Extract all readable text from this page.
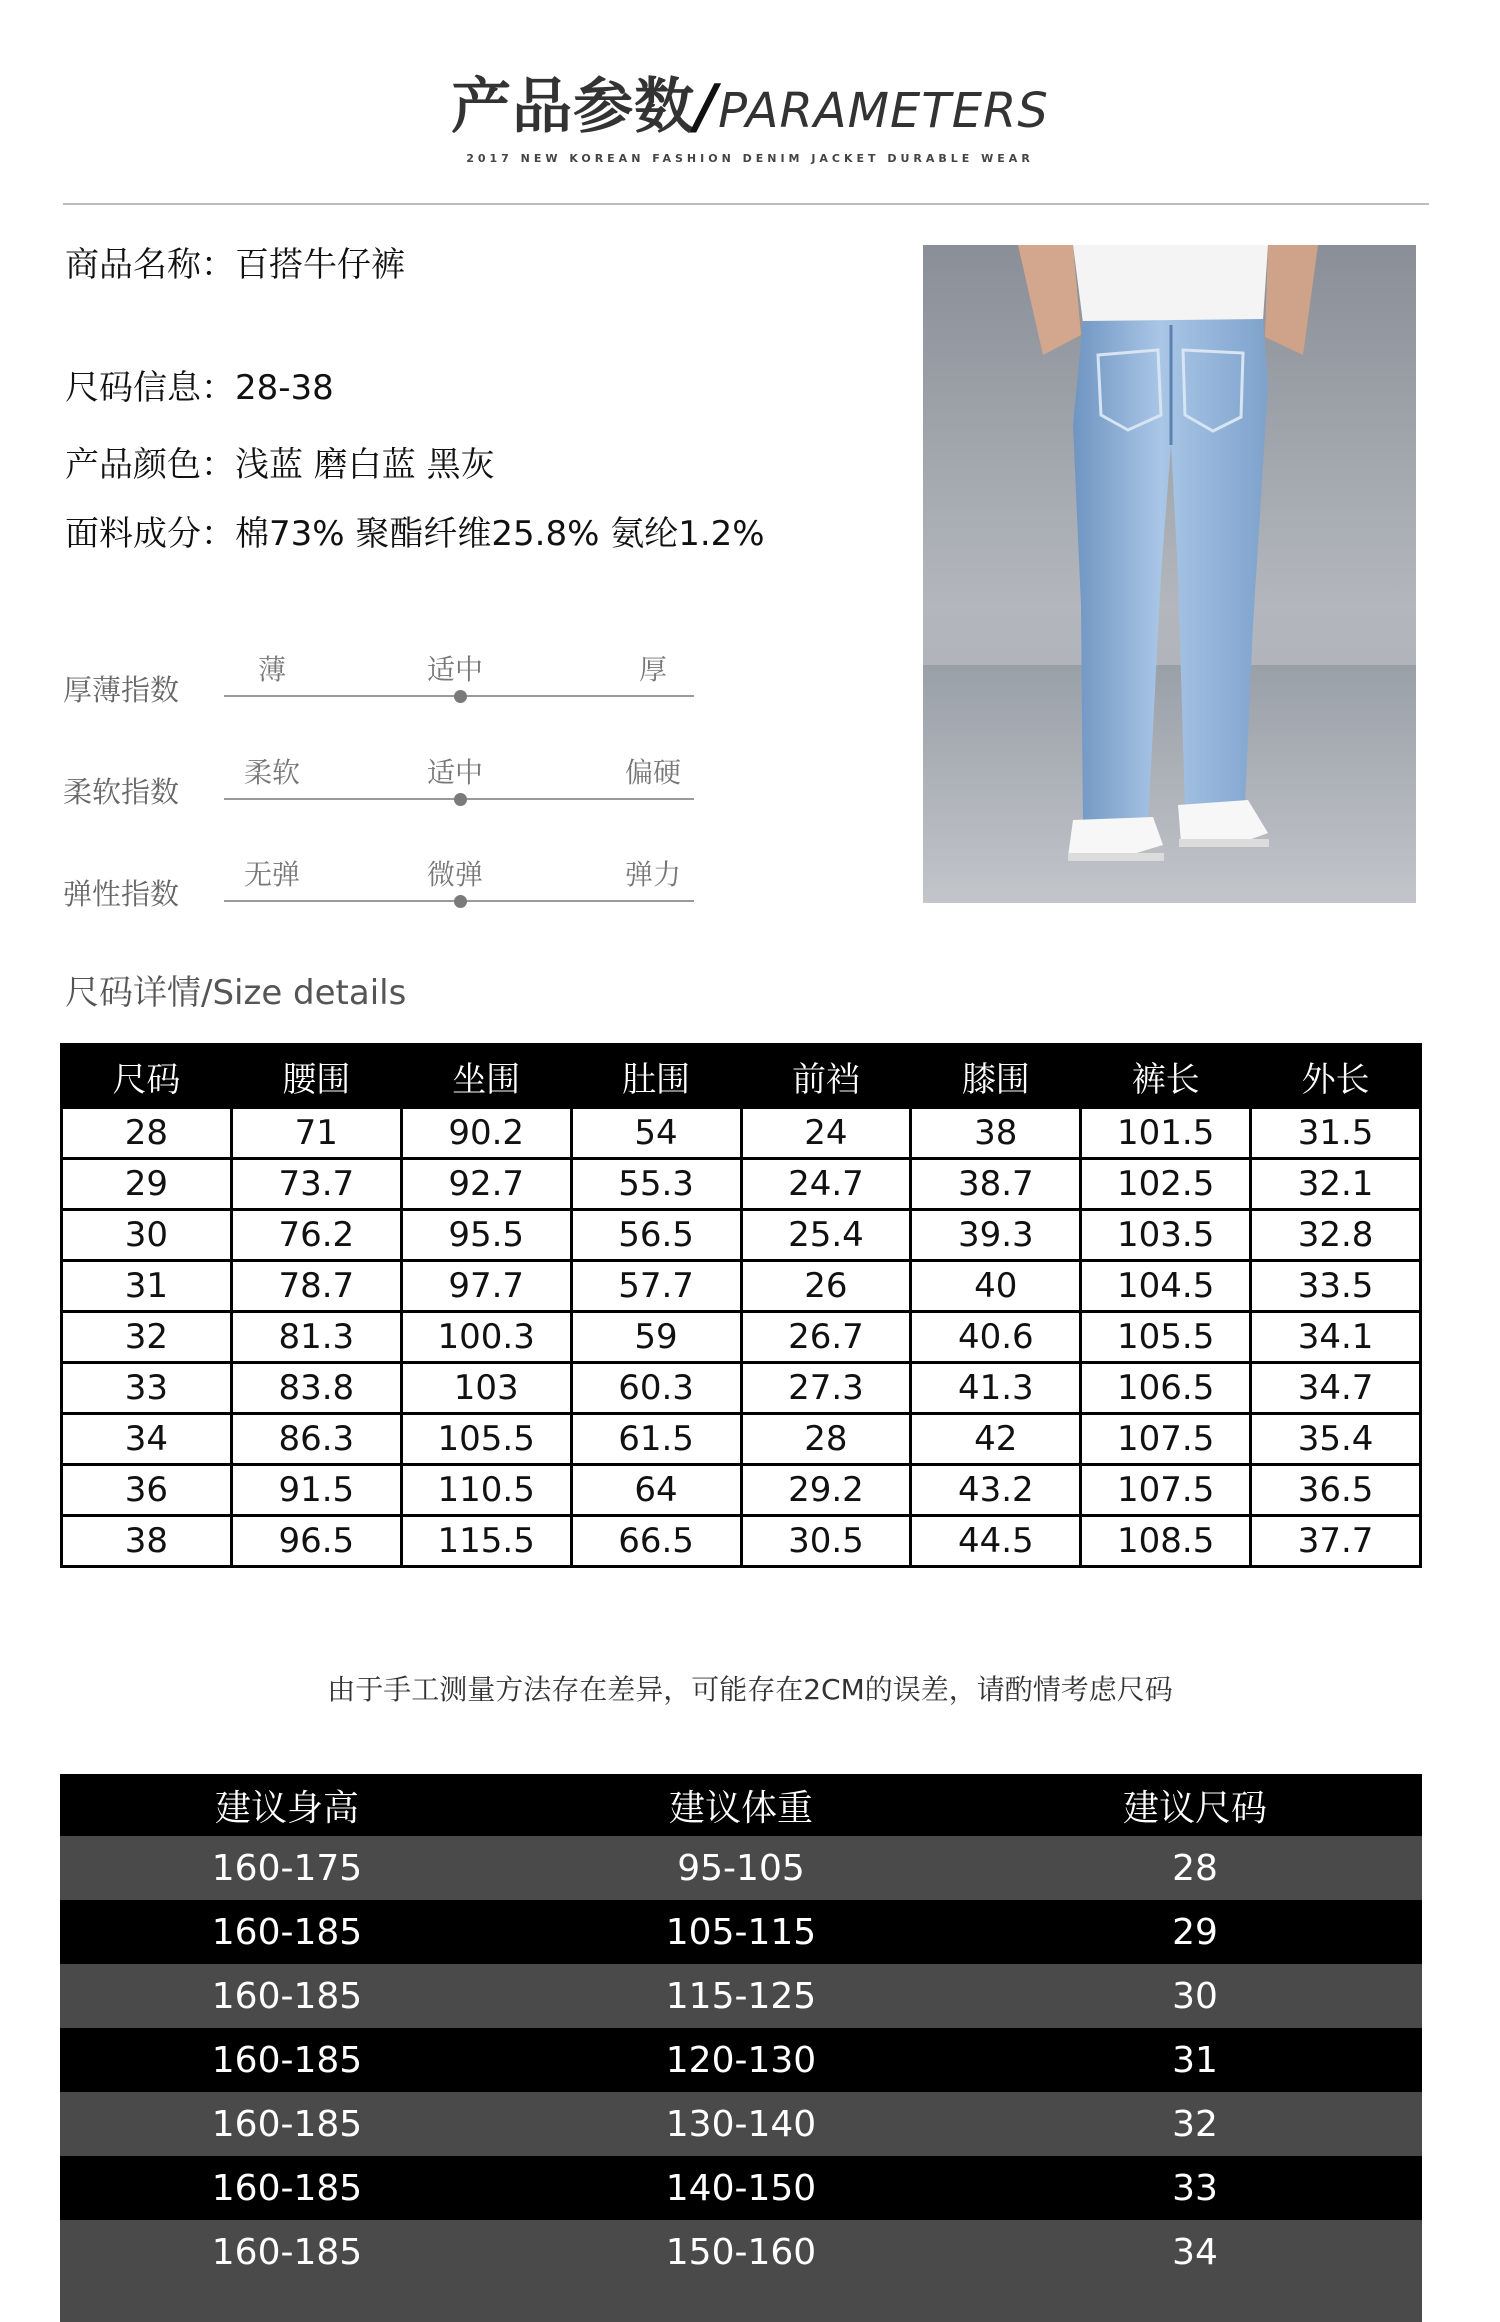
产品参数/PARAMETERS
2017 NEW KOREAN FASHION DENIM JACKET DURABLE WEAR
商品名称：百搭牛仔裤
尺码信息：28-38
产品颜色：浅蓝 磨白蓝 黑灰
面料成分：棉73% 聚酯纤维25.8% 氨纶1.2%
厚薄指数
薄	适中	厚
柔软指数
柔软	适中	偏硬
弹性指数
无弹	微弹	弹力
尺码详情/Size details
尺码	腰围	坐围	肚围	前裆	膝围	裤长	外长
28	71	90.2	54	24	38	101.5	31.5
29	73.7	92.7	55.3	24.7	38.7	102.5	32.1
30	76.2	95.5	56.5	25.4	39.3	103.5	32.8
31	78.7	97.7	57.7	26	40	104.5	33.5
32	81.3	100.3	59	26.7	40.6	105.5	34.1
33	83.8	103	60.3	27.3	41.3	106.5	34.7
34	86.3	105.5	61.5	28	42	107.5	35.4
36	91.5	110.5	64	29.2	43.2	107.5	36.5
38	96.5	115.5	66.5	30.5	44.5	108.5	37.7
由于手工测量方法存在差异，可能存在2CM的误差，请酌情考虑尺码
建议身高	建议体重	建议尺码
160-175	95-105	28
160-185	105-115	29
160-185	115-125	30
160-185	120-130	31
160-185	130-140	32
160-185	140-150	33
160-185	150-160	34
